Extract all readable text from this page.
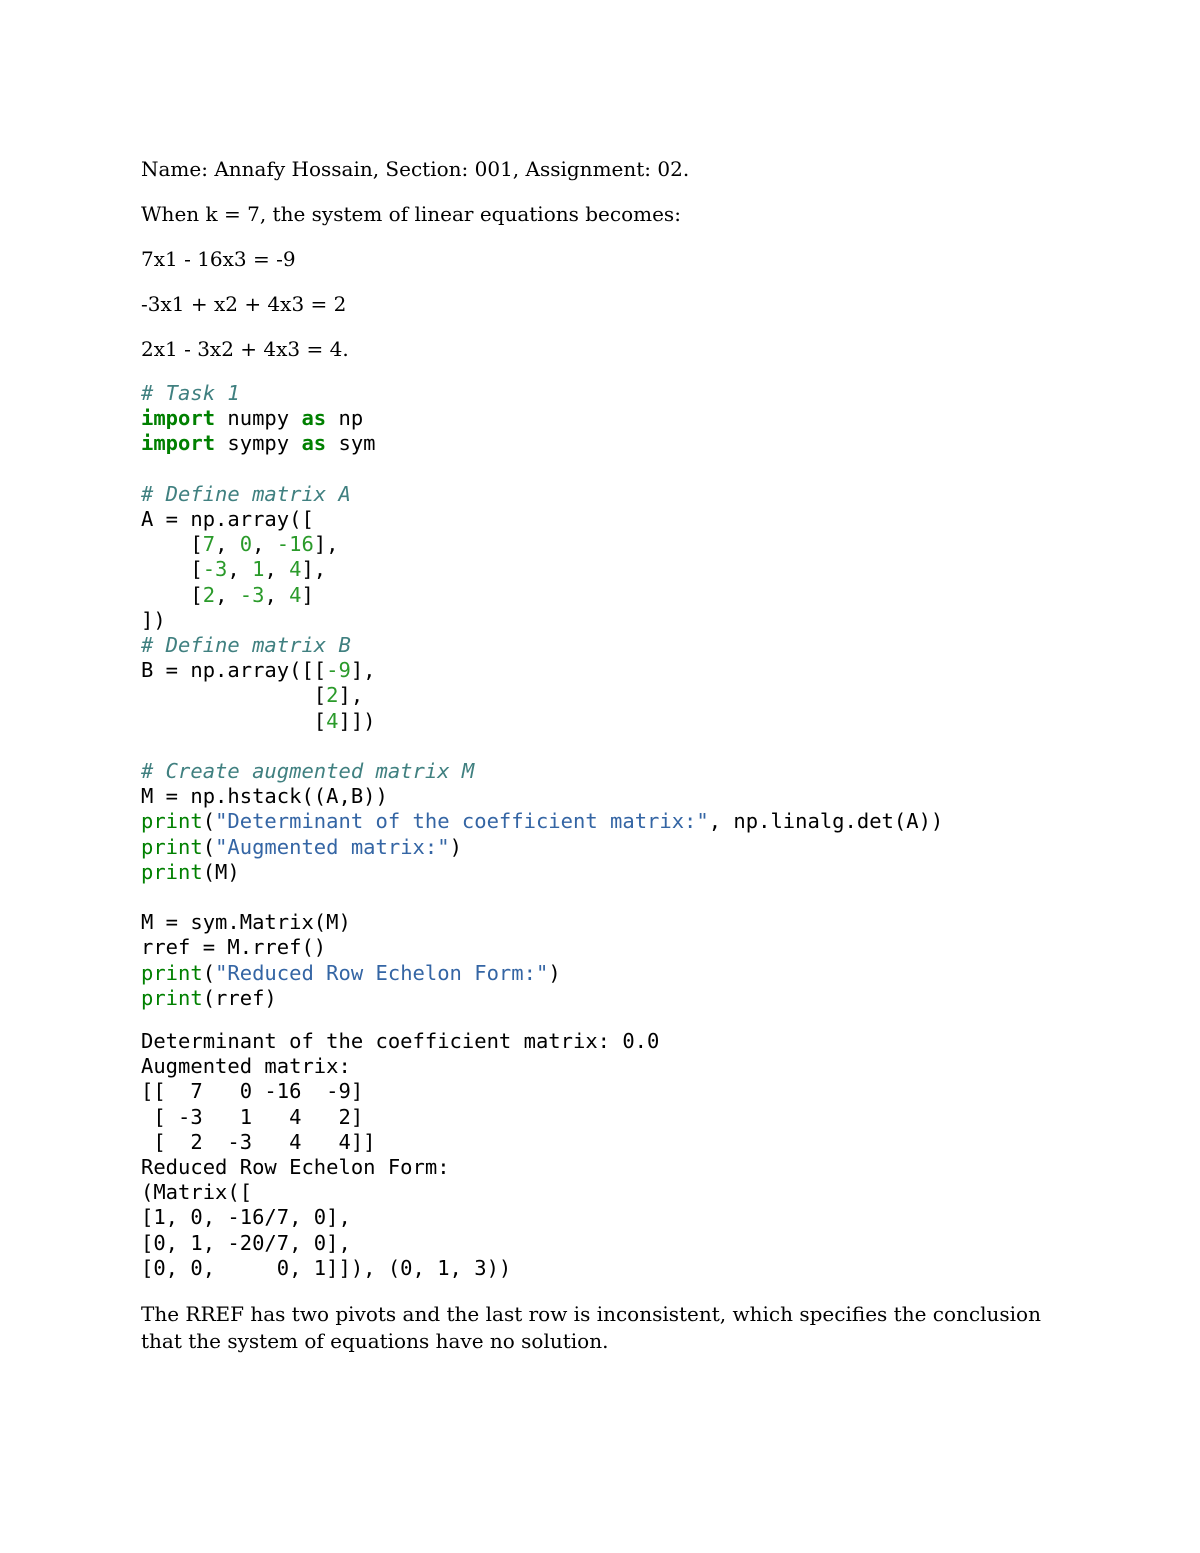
Name: Annafy Hossain, Section: 001, Assignment: 02.

When k = 7, the system of linear equations becomes:

7x1 - 16x3 = -9

-3x1 + x2 + 4x3 = 2

2x1 - 3x2 + 4x3 = 4.

# Task 1
import numpy as np
import sympy as sym
# Define matrix A
A = np.array([
[7, 0, -16],
[-3, 1, 4],
[2, -3, 4]
])
# Define matrix B
B = np.array([[-9],
[2],
[4]])
# Create augmented matrix M
M = np.hstack((A,B))
print("Determinant of the coefficient matrix:", np.linalg.det(A))
print("Augmented matrix:")
print(M)
M = sym.Matrix(M)
rref = M.rref()
print("Reduced Row Echelon Form:")
print(rref)
Determinant of the coefficient matrix: 0.0
Augmented matrix:
[[  7   0 -16  -9]
[ -3   1   4   2]
[  2  -3   4   4]]
Reduced Row Echelon Form:
(Matrix([
[1, 0, -16/7, 0],
[0, 1, -20/7, 0],
[0, 0,     0, 1]]), (0, 1, 3))

The RREF has two pivots and the last row is inconsistent, which specifies the conclusion that the system of equations have no solution.
